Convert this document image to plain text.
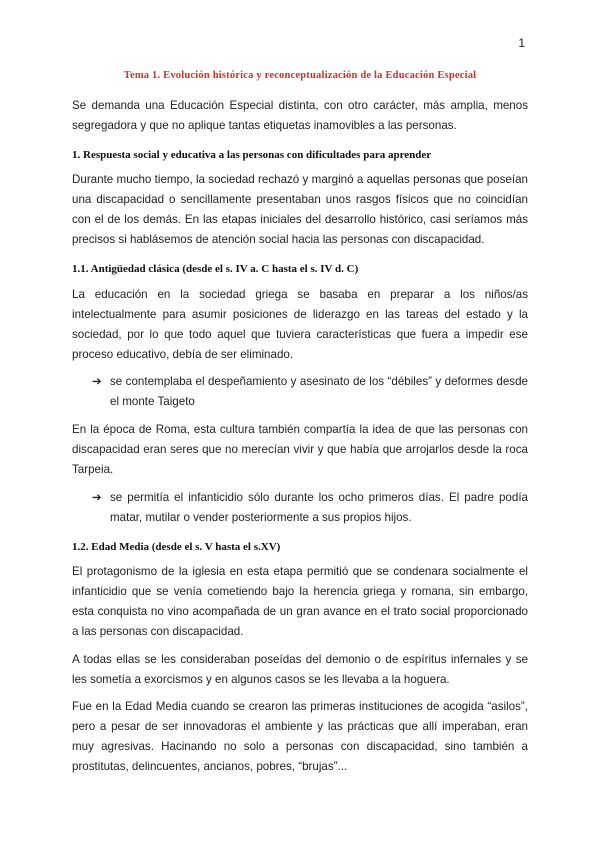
1
Tema 1. Evolución histórica y reconceptualización de la Educación Especial
Se demanda una Educación Especial distinta, con otro carácter, más amplia, menos segregadora y que no aplique tantas etiquetas inamovibles a las personas.
1. Respuesta social y educativa a las personas con dificultades para aprender
Durante mucho tiempo, la sociedad rechazó y marginó a aquellas personas que poseían una discapacidad o sencillamente presentaban unos rasgos físicos que no coincidían con el de los demás. En las etapas iniciales del desarrollo histórico, casi seríamos más precisos si hablásemos de atención social hacia las personas con discapacidad.
1.1. Antigüedad clásica (desde el s. IV a. C hasta el s. IV d. C)
La educación en la sociedad griega se basaba en preparar a los niños/as intelectualmente para asumir posiciones de liderazgo en las tareas del estado y la sociedad, por lo que todo aquel que tuviera características que fuera a impedir ese proceso educativo, debía de ser eliminado.
➔ se contemplaba el despeñamiento y asesinato de los “débiles” y deformes desde el monte Taigeto
En la época de Roma, esta cultura también compartía la idea de que las personas con discapacidad eran seres que no merecían vivir y que había que arrojarlos desde la roca Tarpeia.
➔ se permitía el infanticidio sólo durante los ocho primeros días. El padre podía matar, mutilar o vender posteriormente a sus propios hijos.
1.2. Edad Media (desde el s. V hasta el s.XV)
El protagonismo de la iglesia en esta etapa permitió que se condenara socialmente el infanticidio que se venía cometiendo bajo la herencia griega y romana, sin embargo, esta conquista no vino acompañada de un gran avance en el trato social proporcionado a las personas con discapacidad.
A todas ellas se les consideraban poseídas del demonio o de espíritus infernales y se les sometía a exorcismos y en algunos casos se les llevaba a la hoguera.
Fue en la Edad Media cuando se crearon las primeras instituciones de acogida “asilos”, pero a pesar de ser innovadoras el ambiente y las prácticas que allí imperaban, eran muy agresivas. Hacinando no solo a personas con discapacidad, sino también a prostitutas, delincuentes, ancianos, pobres, “brujas”...
